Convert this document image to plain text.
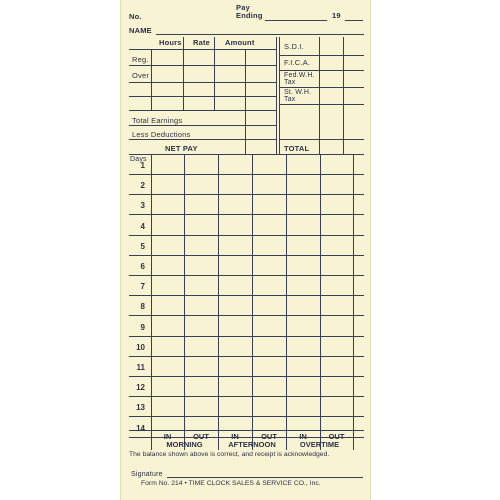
Pay
No.	Ending	19
NAME
Hours Rate Amount
Reg.
Over
Total Earnings
Less Deductions
NET PAY
S.D.I.
F.I.C.A.
Fed.W.H.
Tax
St. W.H.
Tax
TOTAL
Days
1
2
3
4
5
6
7
8
9
10
11
12
13
14
IN	OUT	IN	OUT	IN	OUT
MORNING	AFTERNOON	OVERTIME
The balance shown above is correct, and receipt is acknowledged.
Signature
Form No. 214 • TIME CLOCK SALES & SERVICE CO., Inc.
